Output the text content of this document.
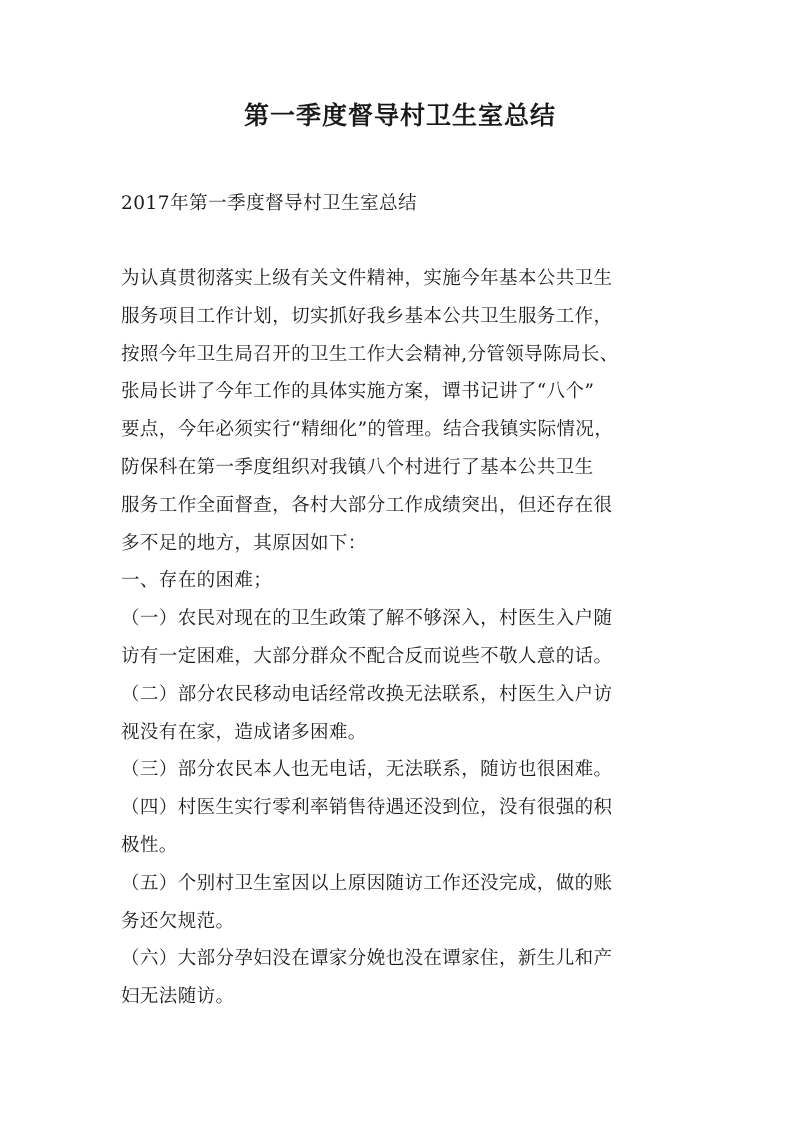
第一季度督导村卫生室总结
2017年第一季度督导村卫生室总结
为认真贯彻落实上级有关文件精神，实施今年基本公共卫生
服务项目工作计划，切实抓好我乡基本公共卫生服务工作，
按照今年卫生局召开的卫生工作大会精神,分管领导陈局长、
张局长讲了今年工作的具体实施方案，谭书记讲了“八个”
要点，今年必须实行“精细化”的管理。结合我镇实际情况，
防保科在第一季度组织对我镇八个村进行了基本公共卫生
服务工作全面督查，各村大部分工作成绩突出，但还存在很
多不足的地方，其原因如下：
一、存在的困难；
（一）农民对现在的卫生政策了解不够深入，村医生入户随
访有一定困难，大部分群众不配合反而说些不敬人意的话。
（二）部分农民移动电话经常改换无法联系，村医生入户访
视没有在家，造成诸多困难。
（三）部分农民本人也无电话，无法联系，随访也很困难。
（四）村医生实行零利率销售待遇还没到位，没有很强的积
极性。
（五）个别村卫生室因以上原因随访工作还没完成，做的账
务还欠规范。
（六）大部分孕妇没在谭家分娩也没在谭家住，新生儿和产
妇无法随访。
